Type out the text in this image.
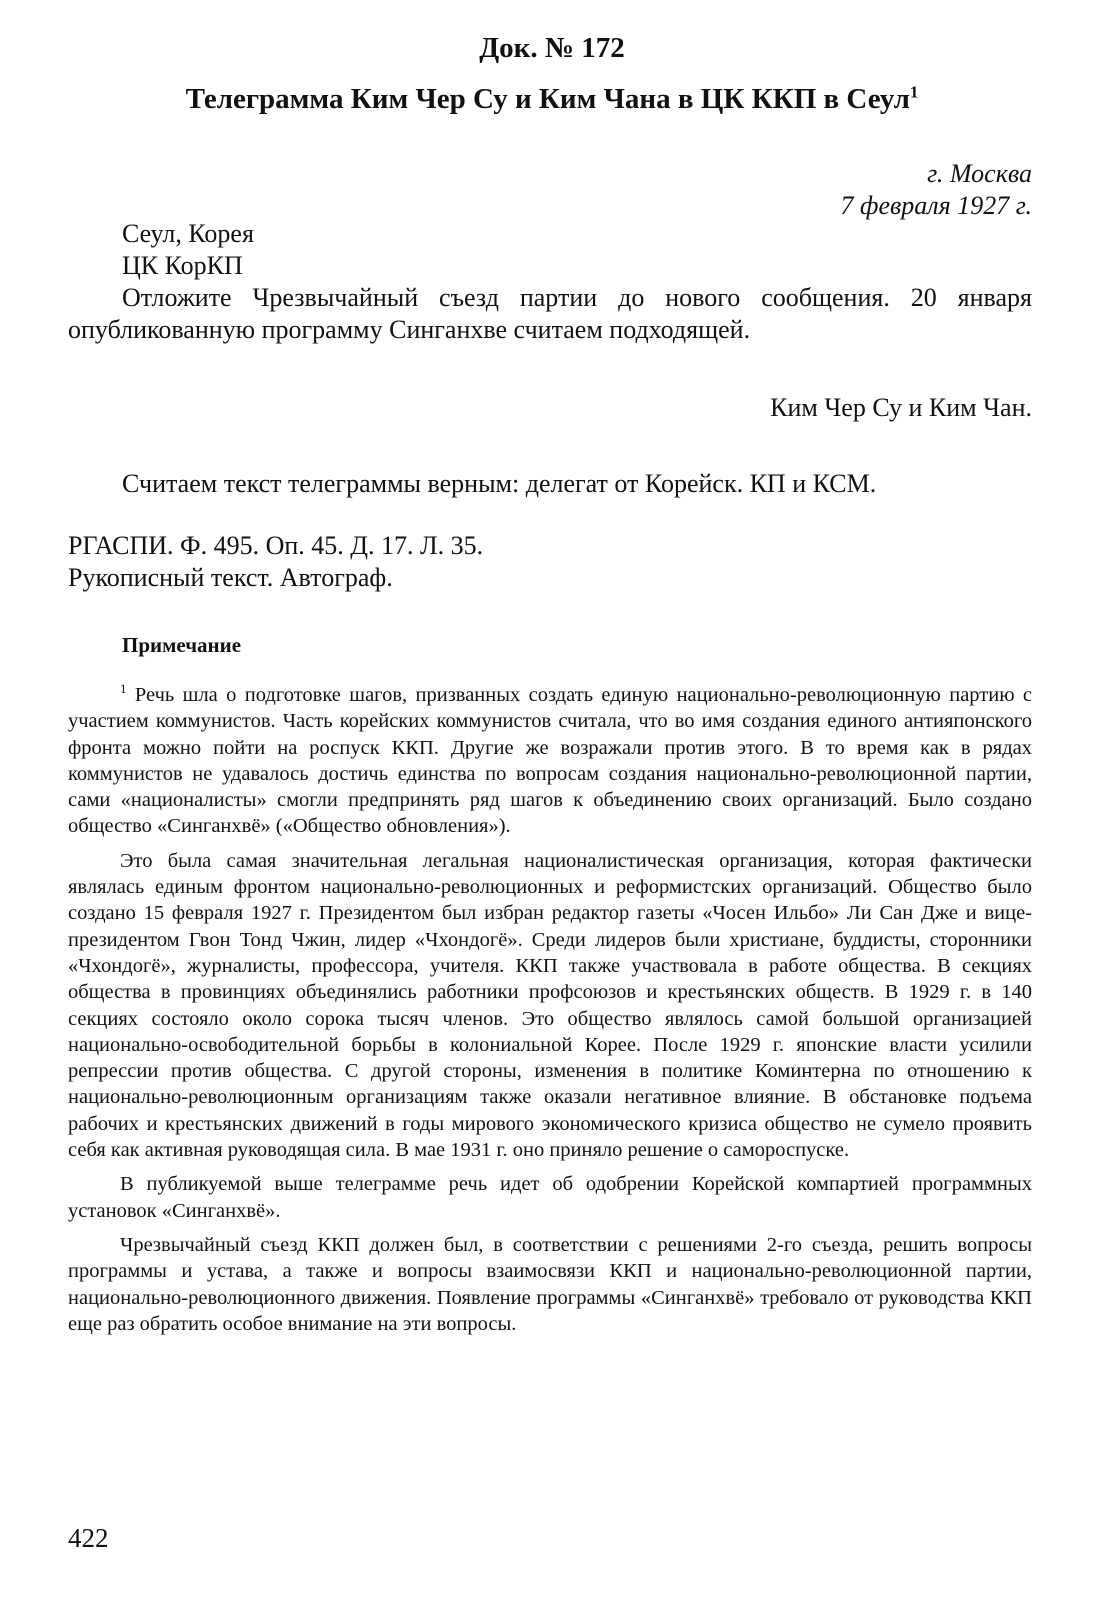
Док. № 172
Телеграмма Ким Чер Су и Ким Чана в ЦК ККП в Сеул$^1$
г. Москва
7 февраля 1927 г.
Сеул, Корея
ЦК КорКП

Отложите Чрезвычайный съезд партии до нового сообщения. 20 января опубликованную программу Синганхве считаем подходящей.

Ким Чер Су и Ким Чан.
Считаем текст телеграммы верным: делегат от Корейск. КП и КСМ.
РГАСПИ. Ф. 495. Оп. 45. Д. 17. Л. 35.
Рукописный текст. Автограф.
Примечание

$^1$ Речь шла о подготовке шагов, призванных создать единую национально-революционную партию с участием коммунистов. Часть корейских коммунистов считала, что во имя создания единого антияпонского фронта можно пойти на роспуск ККП. Другие же возражали против этого. В то время как в рядах коммунистов не удавалось достичь единства по вопросам создания национально-революционной партии, сами «националисты» смогли предпринять ряд шагов к объединению своих организаций. Было создано общество «Синганхвё» («Общество обновления»).

Это была самая значительная легальная националистическая организация, которая фактически являлась единым фронтом национально-революционных и реформистских организаций. Общество было создано 15 февраля 1927 г. Президентом был избран редактор газеты «Чосен Ильбо» Ли Сан Дже и вице-президентом Гвон Тонд Чжин, лидер «Чхондогё». Среди лидеров были христиане, буддисты, сторонники «Чхондогё», журналисты, профессора, учителя. ККП также участвовала в работе общества. В секциях общества в провинциях объединялись работники профсоюзов и крестьянских обществ. В 1929 г. в 140 секциях состояло около сорока тысяч членов. Это общество являлось самой большой организацией национально-освободительной борьбы в колониальной Корее. После 1929 г. японские власти усилили репрессии против общества. С другой стороны, изменения в политике Коминтерна по отношению к национально-революционным организациям также оказали негативное влияние. В обстановке подъема рабочих и крестьянских движений в годы мирового экономического кризиса общество не сумело проявить себя как активная руководящая сила. В мае 1931 г. оно приняло решение о самороспуске.

В публикуемой выше телеграмме речь идет об одобрении Корейской компартией программных установок «Синганхвё».

Чрезвычайный съезд ККП должен был, в соответствии с решениями 2-го съезда, решить вопросы программы и устава, а также и вопросы взаимосвязи ККП и национально-революционной партии, национально-революционного движения. Появление программы «Синганхвё» требовало от руководства ККП еще раз обратить особое внимание на эти вопросы.

422
